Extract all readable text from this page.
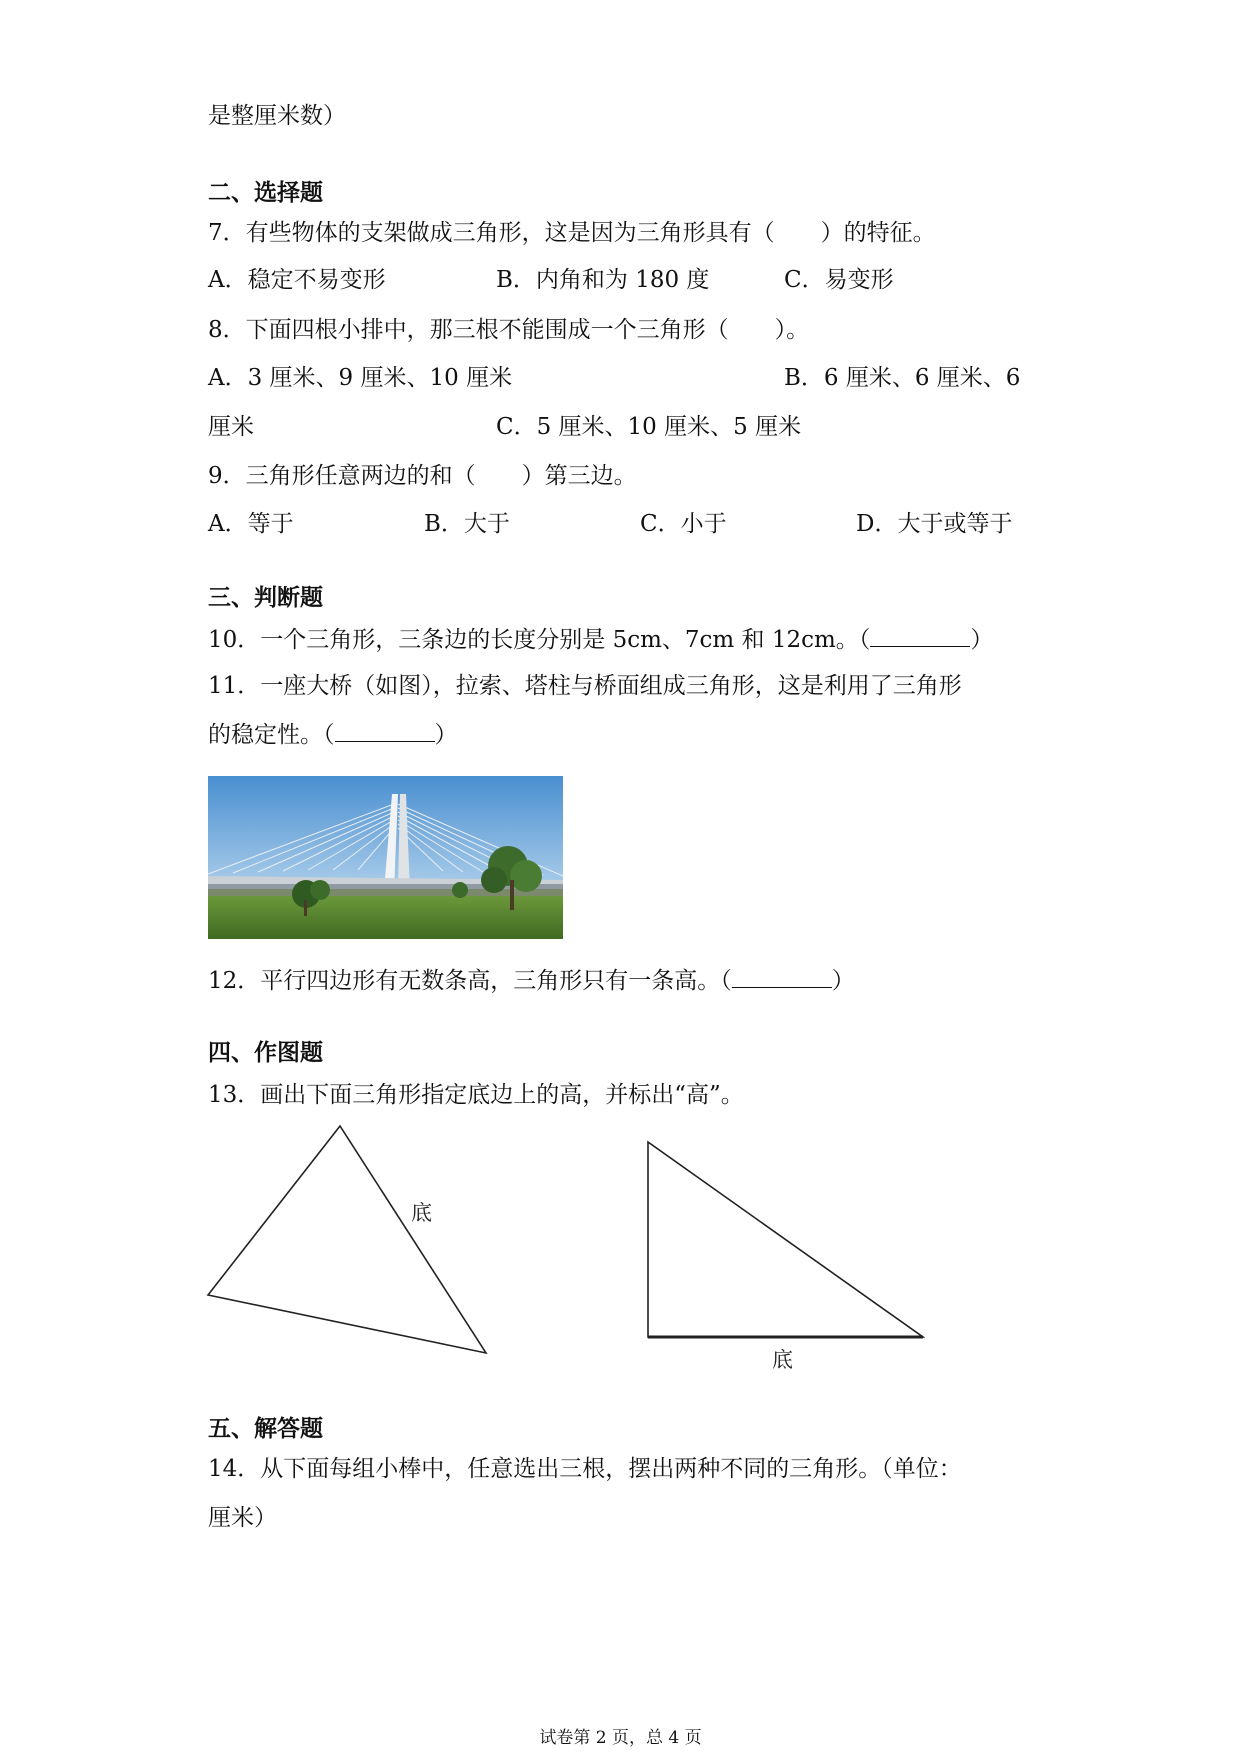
是整厘米数）
二、选择题
7．有些物体的支架做成三角形，这是因为三角形具有（　　）的特征。
A．稳定不易变形	B．内角和为 180 度	C．易变形
8．下面四根小排中，那三根不能围成一个三角形（　　）。
A．3 厘米、9 厘米、10 厘米	B．6 厘米、6 厘米、6
厘米	C．5 厘米、10 厘米、5 厘米
9．三角形任意两边的和（　　）第三边。
A．等于	B．大于	C．小于	D．大于或等于
三、判断题
10．一个三角形，三条边的长度分别是 5cm、7cm 和 12cm。（	）
11．一座大桥（如图），拉索、塔柱与桥面组成三角形，这是利用了三角形
的稳定性。（	）
12．平行四边形有无数条高，三角形只有一条高。（	）
四、作图题
13．画出下面三角形指定底边上的高，并标出“高”。
底
底
五、解答题
14．从下面每组小棒中，任意选出三根，摆出两种不同的三角形。（单位：
厘米）
试卷第 2 页，总 4 页
